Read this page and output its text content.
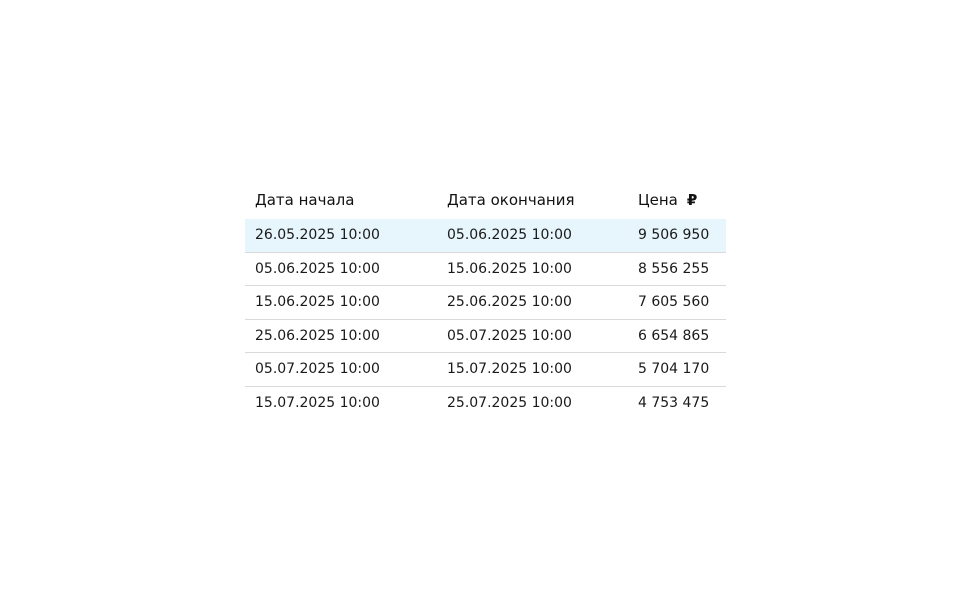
Дата начала	Дата окончания	Цена ₽
26.05.2025 10:00	05.06.2025 10:00	9 506 950
05.06.2025 10:00	15.06.2025 10:00	8 556 255
15.06.2025 10:00	25.06.2025 10:00	7 605 560
25.06.2025 10:00	05.07.2025 10:00	6 654 865
05.07.2025 10:00	15.07.2025 10:00	5 704 170
15.07.2025 10:00	25.07.2025 10:00	4 753 475
